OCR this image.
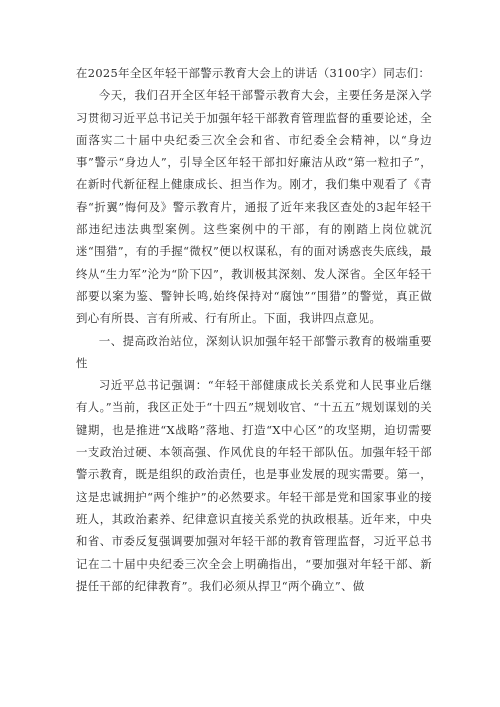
在2025年全区年轻干部警示教育大会上的讲话（3100字）同志们：

今天，我们召开全区年轻干部警示教育大会，主要任务是深入学习贯彻习近平总书记关于加强年轻干部教育管理监督的重要论述，全面落实二十届中央纪委三次全会和省、市纪委全会精神，以“身边事”警示“身边人”，引导全区年轻干部扣好廉洁从政“第一粒扣子”，在新时代新征程上健康成长、担当作为。刚才，我们集中观看了《青春“折翼”悔何及》警示教育片，通报了近年来我区查处的3起年轻干部违纪违法典型案例。这些案例中的干部，有的刚踏上岗位就沉迷“围猎”，有的手握“微权”便以权谋私，有的面对诱惑丧失底线，最终从“生力军”沦为“阶下囚”，教训极其深刻、发人深省。全区年轻干部要以案为鉴、警钟长鸣,始终保持对“腐蚀”“围猎”的警觉，真正做到心有所畏、言有所戒、行有所止。下面，我讲四点意见。

一、提高政治站位，深刻认识加强年轻干部警示教育的极端重要性

习近平总书记强调：“年轻干部健康成长关系党和人民事业后继有人。”当前，我区正处于“十四五”规划收官、“十五五”规划谋划的关键期，也是推进“X战略”落地、打造“X中心区”的攻坚期，迫切需要一支政治过硬、本领高强、作风优良的年轻干部队伍。加强年轻干部警示教育，既是组织的政治责任，也是事业发展的现实需要。第一，这是忠诚拥护“两个维护”的必然要求。年轻干部是党和国家事业的接班人，其政治素养、纪律意识直接关系党的执政根基。近年来，中央和省、市委反复强调要加强对年轻干部的教育管理监督，习近平总书记在二十届中央纪委三次全会上明确指出，“要加强对年轻干部、新提任干部的纪律教育”。我们必须从捍卫“两个确立”、做
